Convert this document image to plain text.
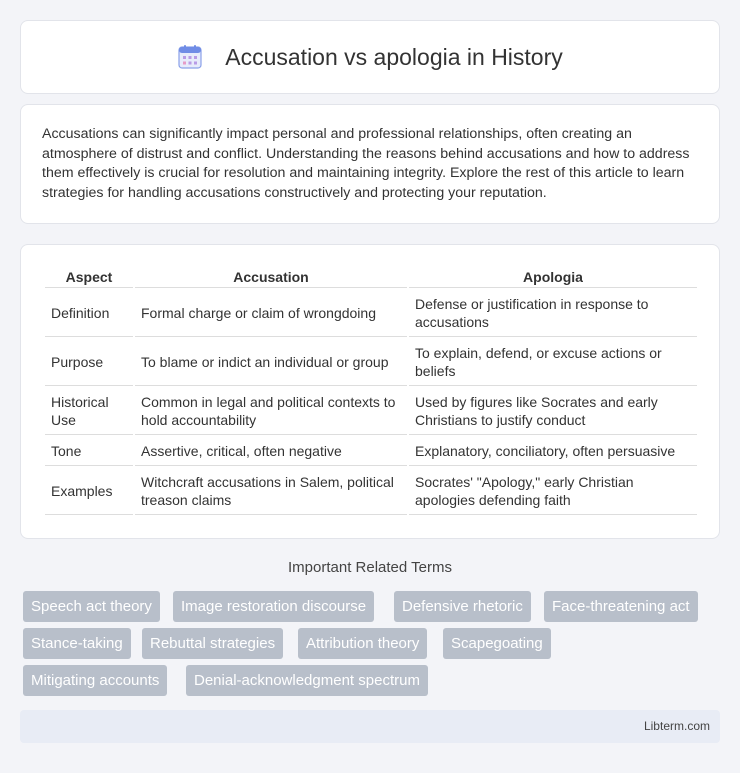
Accusation vs apologia in History

Accusations can significantly impact personal and professional relationships, often creating an atmosphere of distrust and conflict. Understanding the reasons behind accusations and how to address them effectively is crucial for resolution and maintaining integrity. Explore the rest of this article to learn strategies for handling accusations constructively and protecting your reputation.

Aspect	Accusation	Apologia
Definition	Formal charge or claim of wrongdoing	Defense or justification in response to accusations
Purpose	To blame or indict an individual or group	To explain, defend, or excuse actions or beliefs
Historical Use	Common in legal and political contexts to hold accountability	Used by figures like Socrates and early Christians to justify conduct
Tone	Assertive, critical, often negative	Explanatory, conciliatory, often persuasive
Examples	Witchcraft accusations in Salem, political treason claims	Socrates' "Apology," early Christian apologies defending faith
Important Related Terms
Speech act theory	Image restoration discourse	Defensive rhetoric	Face-threatening act
Stance-taking	Rebuttal strategies	Attribution theory	Scapegoating
Mitigating accounts	Denial-acknowledgment spectrum
Libterm.com
